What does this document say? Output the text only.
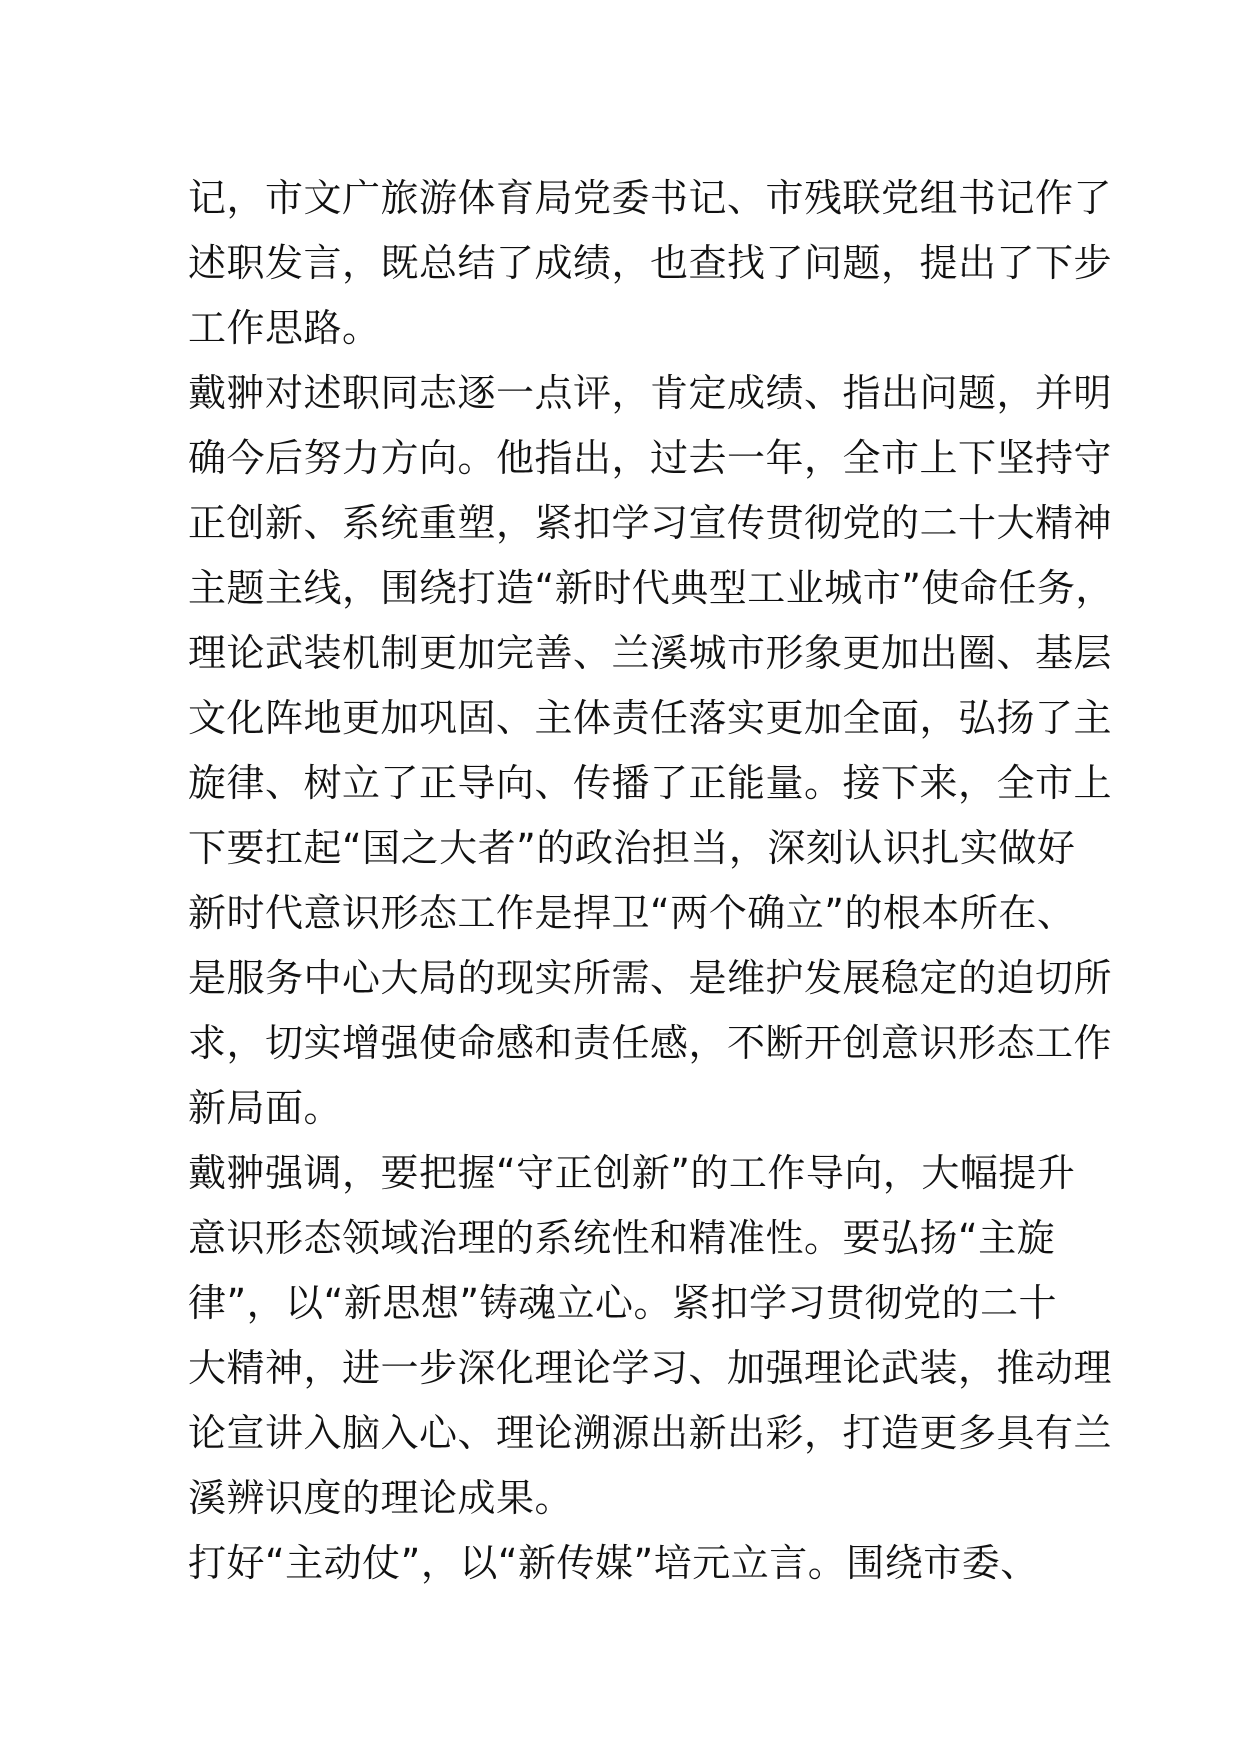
记，市文广旅游体育局党委书记、市残联党组书记作了
述职发言，既总结了成绩，也查找了问题，提出了下步
工作思路。
戴翀对述职同志逐一点评，肯定成绩、指出问题，并明
确今后努力方向。他指出，过去一年，全市上下坚持守
正创新、系统重塑，紧扣学习宣传贯彻党的二十大精神
主题主线，围绕打造“新时代典型工业城市”使命任务，
理论武装机制更加完善、兰溪城市形象更加出圈、基层
文化阵地更加巩固、主体责任落实更加全面，弘扬了主
旋律、树立了正导向、传播了正能量。接下来，全市上
下要扛起“国之大者”的政治担当，深刻认识扎实做好
新时代意识形态工作是捍卫“两个确立”的根本所在、
是服务中心大局的现实所需、是维护发展稳定的迫切所
求，切实增强使命感和责任感，不断开创意识形态工作
新局面。
戴翀强调，要把握“守正创新”的工作导向，大幅提升
意识形态领域治理的系统性和精准性。要弘扬“主旋
律”，以“新思想”铸魂立心。紧扣学习贯彻党的二十
大精神，进一步深化理论学习、加强理论武装，推动理
论宣讲入脑入心、理论溯源出新出彩，打造更多具有兰
溪辨识度的理论成果。
打好“主动仗”，以“新传媒”培元立言。围绕市委、
